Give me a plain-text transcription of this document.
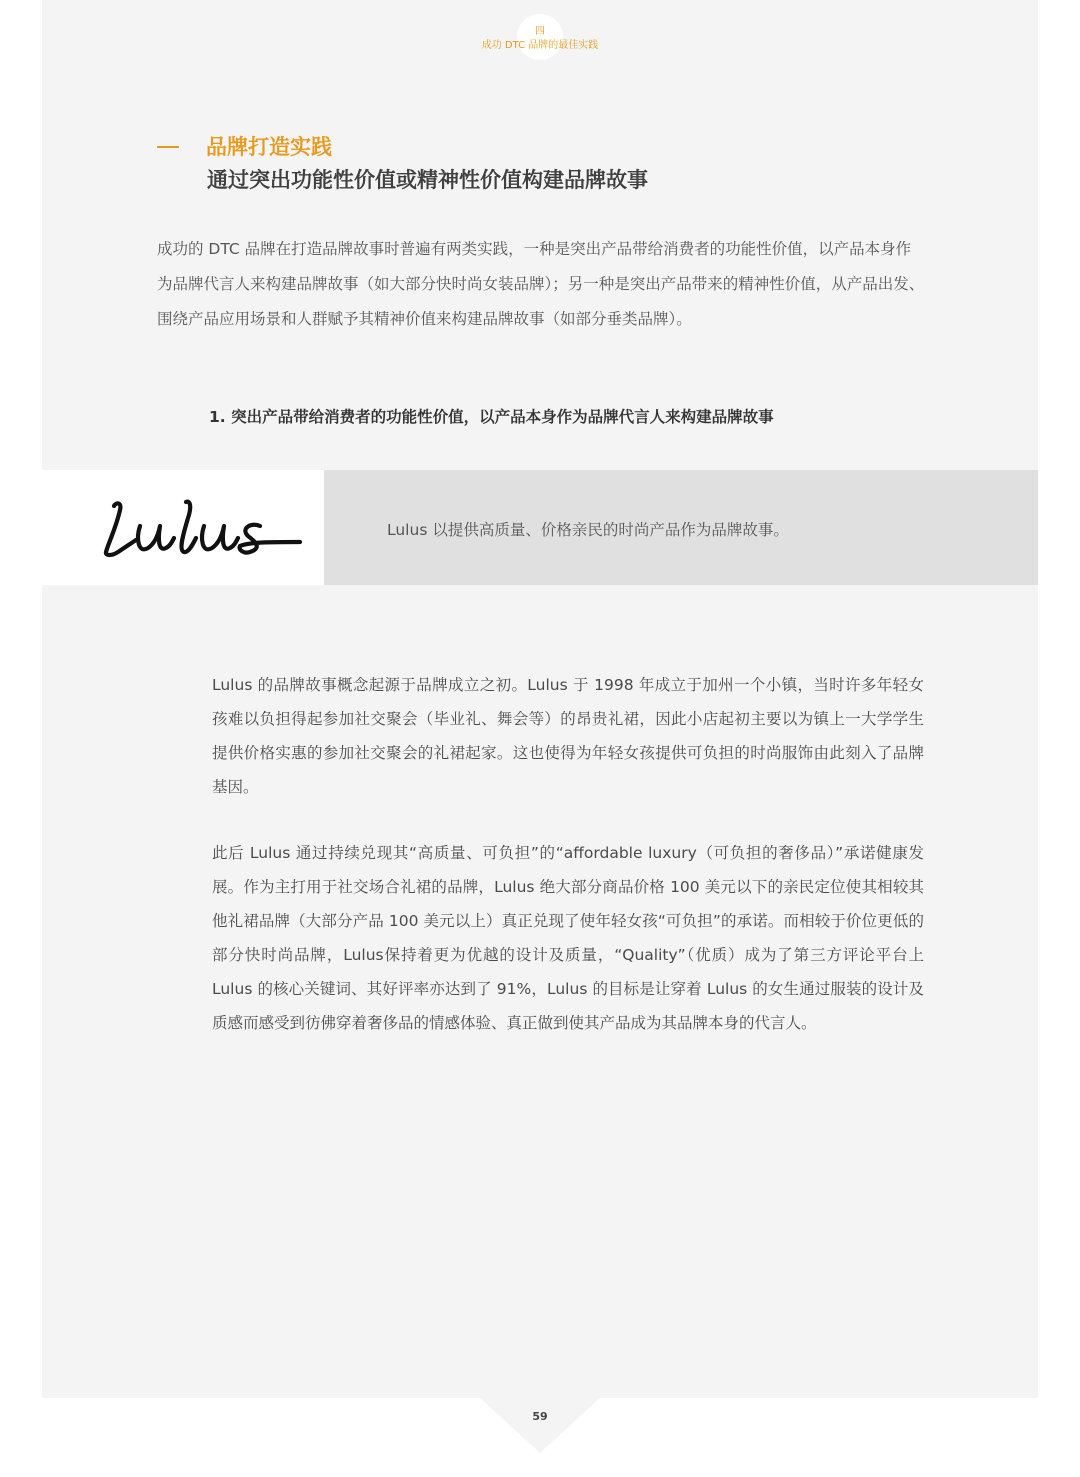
四
成功 DTC 品牌的最佳实践
品牌打造实践
通过突出功能性价值或精神性价值构建品牌故事

成功的 DTC 品牌在打造品牌故事时普遍有两类实践，一种是突出产品带给消费者的功能性价值，以产品本身作为品牌代言人来构建品牌故事（如大部分快时尚女装品牌）；另一种是突出产品带来的精神性价值，从产品出发、围绕产品应用场景和人群赋予其精神价值来构建品牌故事（如部分垂类品牌）。

1. 突出产品带给消费者的功能性价值，以产品本身作为品牌代言人来构建品牌故事
Lulus 以提供高质量、价格亲民的时尚产品作为品牌故事。

Lulus 的品牌故事概念起源于品牌成立之初。Lulus 于 1998 年成立于加州一个小镇，当时许多年轻女孩难以负担得起参加社交聚会（毕业礼、舞会等）的昂贵礼裙，因此小店起初主要以为镇上一大学学生提供价格实惠的参加社交聚会的礼裙起家。这也使得为年轻女孩提供可负担的时尚服饰由此刻入了品牌基因。

此后 Lulus 通过持续兑现其“高质量、可负担”的“affordable luxury（可负担的奢侈品）”承诺健康发展。作为主打用于社交场合礼裙的品牌，Lulus 绝大部分商品价格 100 美元以下的亲民定位使其相较其他礼裙品牌（大部分产品 100 美元以上）真正兑现了使年轻女孩“可负担”的承诺。而相较于价位更低的部分快时尚品牌，Lulus保持着更为优越的设计及质量，“Quality”（优质）成为了第三方评论平台上 Lulus 的核心关键词、其好评率亦达到了 91%，Lulus 的目标是让穿着 Lulus 的女生通过服装的设计及质感而感受到彷佛穿着奢侈品的情感体验、真正做到使其产品成为其品牌本身的代言人。

59
